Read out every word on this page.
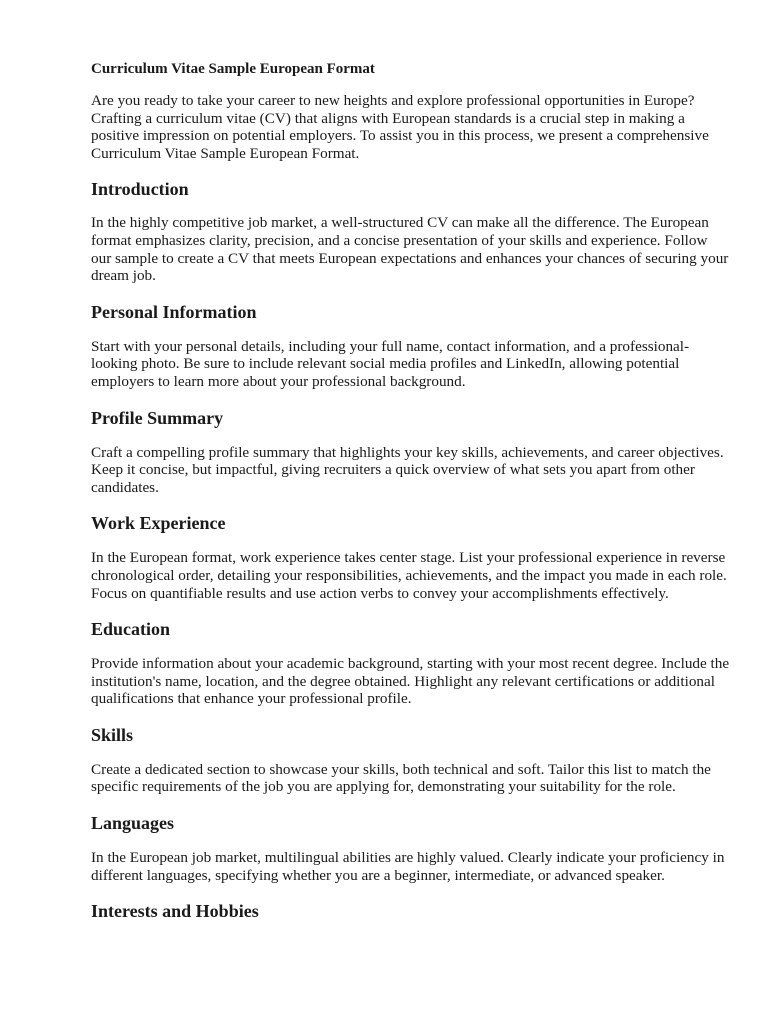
Curriculum Vitae Sample European Format

Are you ready to take your career to new heights and explore professional opportunities in Europe? Crafting a curriculum vitae (CV) that aligns with European standards is a crucial step in making a positive impression on potential employers. To assist you in this process, we present a comprehensive Curriculum Vitae Sample European Format.

Introduction

In the highly competitive job market, a well-structured CV can make all the difference. The European format emphasizes clarity, precision, and a concise presentation of your skills and experience. Follow our sample to create a CV that meets European expectations and enhances your chances of securing your dream job.

Personal Information

Start with your personal details, including your full name, contact information, and a professional-looking photo. Be sure to include relevant social media profiles and LinkedIn, allowing potential employers to learn more about your professional background.

Profile Summary

Craft a compelling profile summary that highlights your key skills, achievements, and career objectives. Keep it concise, but impactful, giving recruiters a quick overview of what sets you apart from other candidates.

Work Experience

In the European format, work experience takes center stage. List your professional experience in reverse chronological order, detailing your responsibilities, achievements, and the impact you made in each role. Focus on quantifiable results and use action verbs to convey your accomplishments effectively.

Education

Provide information about your academic background, starting with your most recent degree. Include the institution's name, location, and the degree obtained. Highlight any relevant certifications or additional qualifications that enhance your professional profile.

Skills

Create a dedicated section to showcase your skills, both technical and soft. Tailor this list to match the specific requirements of the job you are applying for, demonstrating your suitability for the role.

Languages

In the European job market, multilingual abilities are highly valued. Clearly indicate your proficiency in different languages, specifying whether you are a beginner, intermediate, or advanced speaker.

Interests and Hobbies
